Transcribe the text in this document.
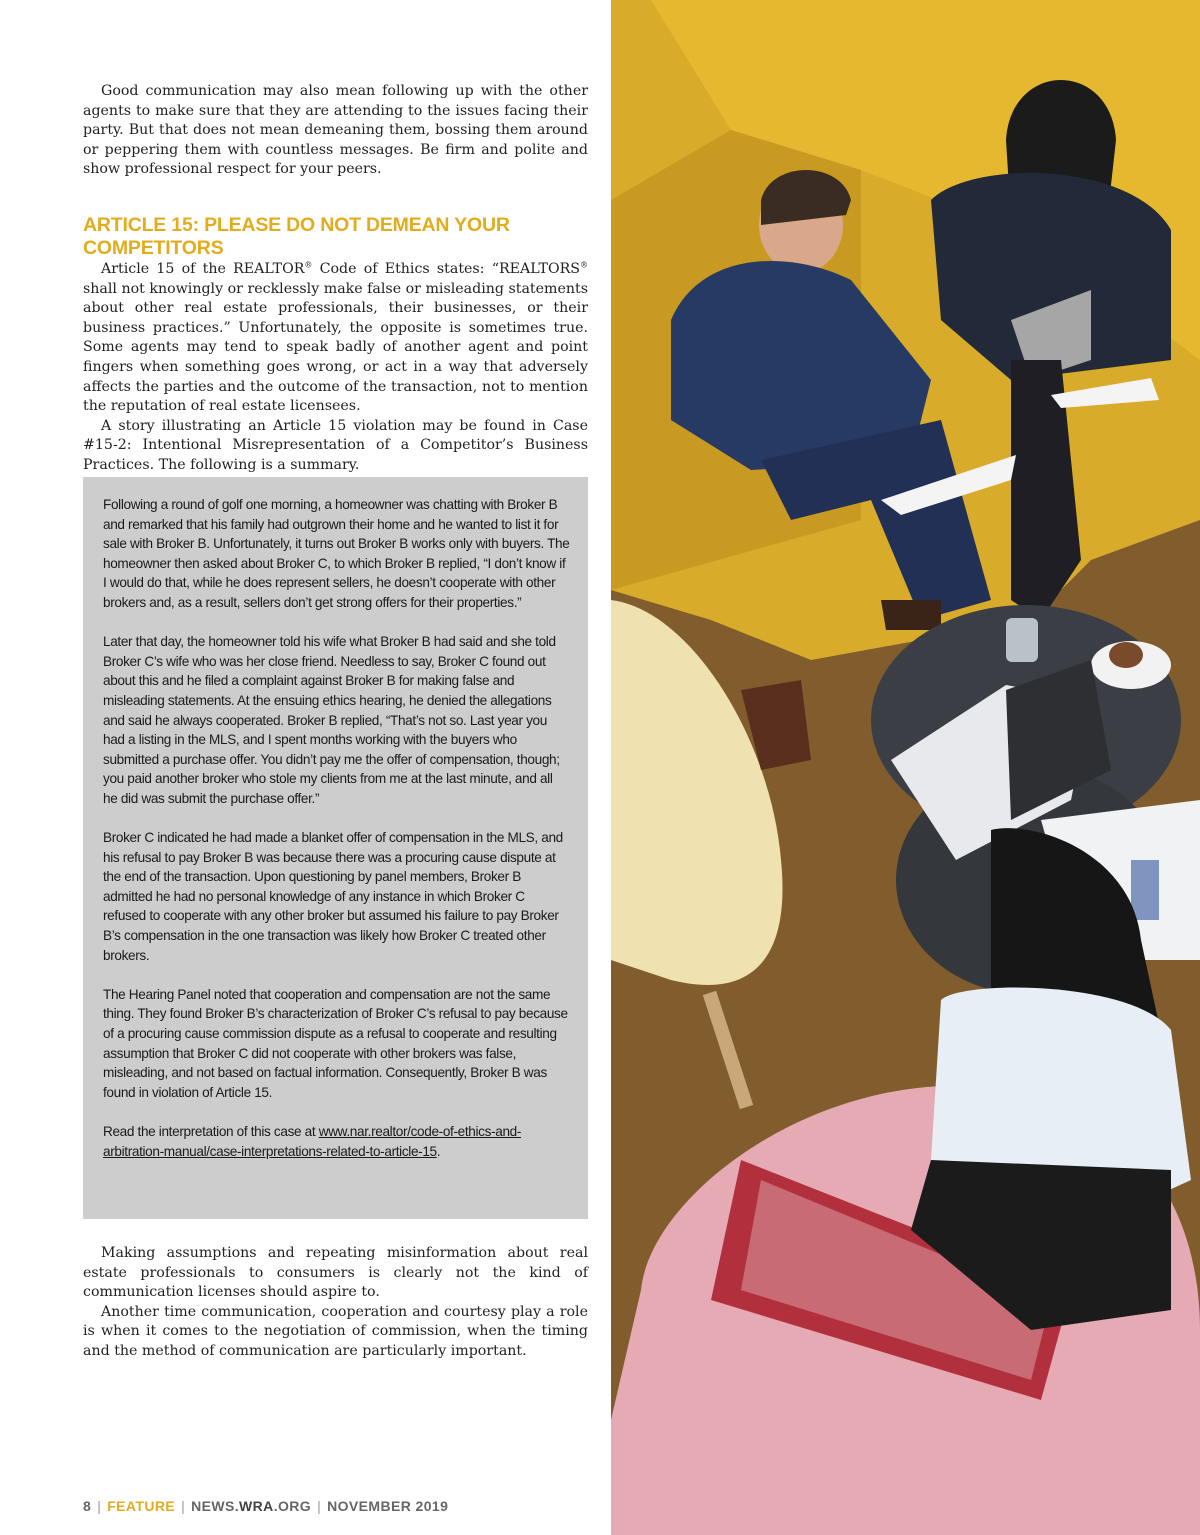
Good communication may also mean following up with the other agents to make sure that they are attending to the issues facing their party. But that does not mean demeaning them, bossing them around or peppering them with countless messages. Be firm and polite and show professional respect for your peers.

ARTICLE 15: PLEASE DO NOT DEMEAN YOUR
COMPETITORS

Article 15 of the REALTOR® Code of Ethics states: “REALTORS® shall not knowingly or recklessly make false or misleading statements about other real estate professionals, their businesses, or their business practices.” Unfortunately, the opposite is sometimes true. Some agents may tend to speak badly of another agent and point fingers when something goes wrong, or act in a way that adversely affects the parties and the outcome of the transaction, not to mention the reputation of real estate licensees.

A story illustrating an Article 15 violation may be found in Case #15-2: Intentional Misrepresentation of a Competitor’s Business Practices. The following is a summary.

Following a round of golf one morning, a homeowner was chatting with Broker B and remarked that his family had outgrown their home and he wanted to list it for sale with Broker B. Unfortunately, it turns out Broker B works only with buyers. The homeowner then asked about Broker C, to which Broker B replied, “I don’t know if I would do that, while he does represent sellers, he doesn’t cooperate with other brokers and, as a result, sellers don’t get strong offers for their properties.”

Later that day, the homeowner told his wife what Broker B had said and she told Broker C’s wife who was her close friend. Needless to say, Broker C found out about this and he filed a complaint against Broker B for making false and misleading statements. At the ensuing ethics hearing, he denied the allegations and said he always cooperated. Broker B replied, “That’s not so. Last year you had a listing in the MLS, and I spent months working with the buyers who submitted a purchase offer. You didn’t pay me the offer of compensation, though; you paid another broker who stole my clients from me at the last minute, and all he did was submit the purchase offer.”

Broker C indicated he had made a blanket offer of compensation in the MLS, and his refusal to pay Broker B was because there was a procuring cause dispute at the end of the transaction. Upon questioning by panel members, Broker B admitted he had no personal knowledge of any instance in which Broker C refused to cooperate with any other broker but assumed his failure to pay Broker B’s compensation in the one transaction was likely how Broker C treated other brokers.

The Hearing Panel noted that cooperation and compensation are not the same thing. They found Broker B’s characterization of Broker C’s refusal to pay because of a procuring cause commission dispute as a refusal to cooperate and resulting assumption that Broker C did not cooperate with other brokers was false, misleading, and not based on factual information. Consequently, Broker B was found in violation of Article 15.

Read the interpretation of this case at www.nar.realtor/code-of-ethics-and-arbitration-manual/case-interpretations-related-to-article-15.

Making assumptions and repeating misinformation about real estate professionals to consumers is clearly not the kind of communication licenses should aspire to.

Another time communication, cooperation and courtesy play a role is when it comes to the negotiation of commission, when the timing and the method of communication are particularly important.

8 | FEATURE | NEWS.WRA.ORG | NOVEMBER 2019
